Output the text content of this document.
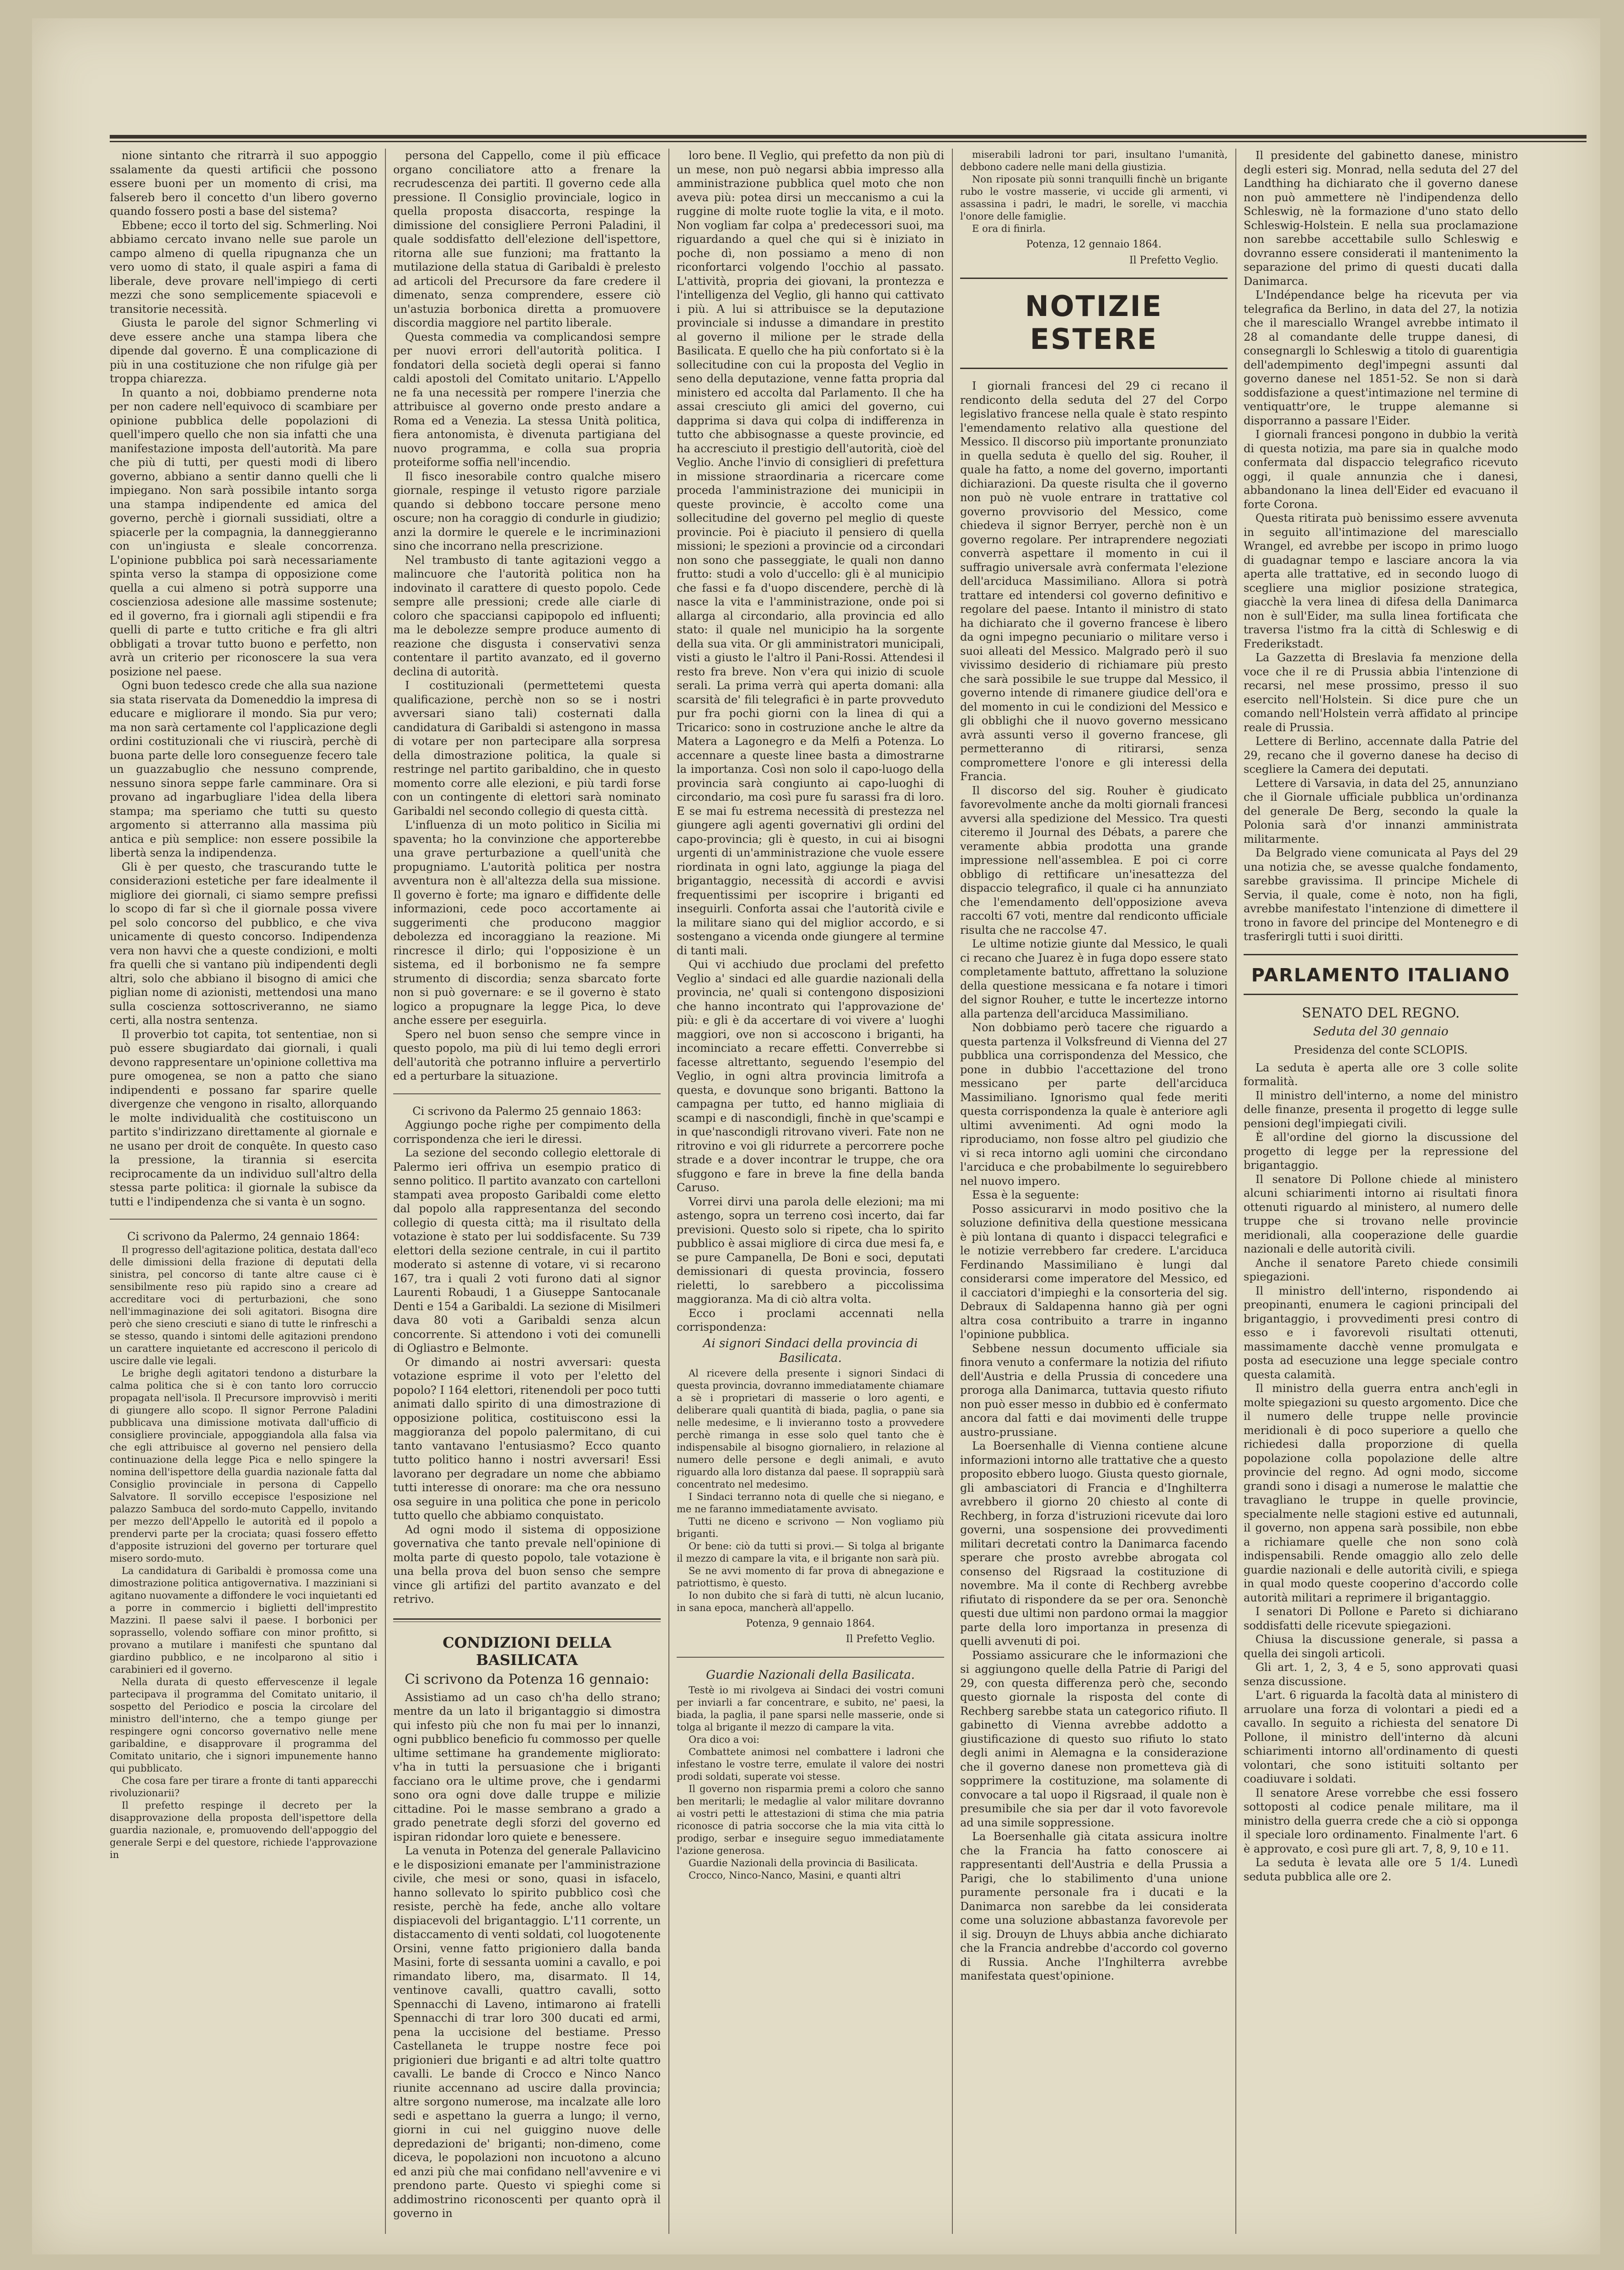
nione sintanto che ritrarrà il suo appoggio ssalamente da questi artificii che possono essere buoni per un momento di crisi, ma falsereb bero il concetto d'un libero governo quando fossero posti a base del sistema?

Ebbene; ecco il torto del sig. Schmerling. Noi abbiamo cercato invano nelle sue parole un campo almeno di quella ripugnanza che un vero uomo di stato, il quale aspiri a fama di liberale, deve provare nell'impiego di certi mezzi che sono semplicemente spiacevoli e transitorie necessità.

Giusta le parole del signor Schmerling vi deve essere anche una stampa libera che dipende dal governo. È una complicazione di più in una costituzione che non rifulge già per troppa chiarezza.

In quanto a noi, dobbiamo prenderne nota per non cadere nell'equivoco di scambiare per opinione pubblica delle popolazioni di quell'impero quello che non sia infatti che una manifestazione imposta dell'autorità. Ma pare che più di tutti, per questi modi di libero governo, abbiano a sentir danno quelli che li impiegano. Non sarà possibile intanto sorga una stampa indipendente ed amica del governo, perchè i giornali sussidiati, oltre a spiacerle per la compagnia, la danneggieranno con un'ingiusta e sleale concorrenza. L'opinione pubblica poi sarà necessariamente spinta verso la stampa di opposizione come quella a cui almeno si potrà supporre una coscienziosa adesione alle massime sostenute; ed il governo, fra i giornali agli stipendii e fra quelli di parte e tutto critiche e fra gli altri obbligati a trovar tutto buono e perfetto, non avrà un criterio per riconoscere la sua vera posizione nel paese.

Ogni buon tedesco crede che alla sua nazione sia stata riservata da Domeneddio la impresa di educare e migliorare il mondo. Sia pur vero; ma non sarà certamente col l'applicazione degli ordini costituzionali che vi riuscirà, perchè di buona parte delle loro conseguenze fecero tale un guazzabuglio che nessuno comprende, nessuno sinora seppe farle camminare. Ora si provano ad ingarbugliare l'idea della libera stampa; ma speriamo che tutti su questo argomento si atterranno alla massima più antica e più semplice: non essere possibile la libertà senza la indipendenza.

Gli è per questo, che trascurando tutte le considerazioni estetiche per fare idealmente il migliore dei giornali, ci siamo sempre prefissi lo scopo di far sì che il giornale possa vivere pel solo concorso del pubblico, e che viva unicamente di questo concorso. Indipendenza vera non havvi che a queste condizioni, e molti fra quelli che si vantano più indipendenti degli altri, solo che abbiano il bisogno di amici che piglian nome di azionisti, mettendosi una mano sulla coscienza sottoscriveranno, ne siamo certi, alla nostra sentenza.

Il proverbio tot capita, tot sententiae, non si può essere sbugiardato dai giornali, i quali devono rappresentare un'opinione collettiva ma pure omogenea, se non a patto che siano indipendenti e possano far sparire quelle divergenze che vengono in risalto, allorquando le molte individualità che costituiscono un partito s'indirizzano direttamente al giornale e ne usano per droit de conquête. In questo caso la pressione, la tirannia si esercita reciprocamente da un individuo sull'altro della stessa parte politica: il giornale la subisce da tutti e l'indipendenza che si vanta è un sogno.

Ci scrivono da Palermo, 24 gennaio 1864:

Il progresso dell'agitazione politica, destata dall'eco delle dimissioni della frazione di deputati della sinistra, pel concorso di tante altre cause ci è sensibilmente reso più rapido sino a creare ad accreditare voci di perturbazioni, che sono nell'immaginazione dei soli agitatori. Bisogna dire però che sieno cresciuti e siano di tutte le rinfreschi a se stesso, quando i sintomi delle agitazioni prendono un carattere inquietante ed accrescono il pericolo di uscire dalle vie legali.

Le brighe degli agitatori tendono a disturbare la calma politica che si è con tanto loro corruccio propagata nell'isola. Il Precursore improvvisò i meriti di giungere allo scopo. Il signor Perrone Paladini pubblicava una dimissione motivata dall'ufficio di consigliere provinciale, appoggiandola alla falsa via che egli attribuisce al governo nel pensiero della continuazione della legge Pica e nello spingere la nomina dell'ispettore della guardia nazionale fatta dal Consiglio provinciale in persona di Cappello Salvatore. Il sorvillo eccepisce l'esposizione nel palazzo Sambuca del sordo-muto Cappello, invitando per mezzo dell'Appello le autorità ed il popolo a prendervi parte per la crociata; quasi fossero effetto d'apposite istruzioni del governo per torturare quel misero sordo-muto.

La candidatura di Garibaldi è promossa come una dimostrazione politica antigovernativa. I mazziniani si agitano nuovamente a diffondere le voci inquietanti ed a porre in commercio i biglietti dell'imprestito Mazzini. Il paese salvi il paese. I borbonici per soprassello, volendo soffiare con minor profitto, si provano a mutilare i manifesti che spuntano dal giardino pubblico, e ne incolparono al sitio i carabinieri ed il governo.

Nella durata di questo effervescenze il legale partecipava il programma del Comitato unitario, il sospetto del Periodico e poscia la circolare del ministro dell'interno, che a tempo giunge per respingere ogni concorso governativo nelle mene garibaldine, e disapprovare il programma del Comitato unitario, che i signori impunemente hanno qui pubblicato.

Che cosa fare per tirare a fronte di tanti apparecchi rivoluzionarii?

Il prefetto respinge il decreto per la disapprovazione della proposta dell'ispettore della guardia nazionale, e, promuovendo dell'appoggio del generale Serpi e del questore, richiede l'approvazione in

persona del Cappello, come il più efficace organo conciliatore atto a frenare la recrudescenza dei partiti. Il governo cede alla pressione. Il Consiglio provinciale, logico in quella proposta disaccorta, respinge la dimissione del consigliere Perroni Paladini, il quale soddisfatto dell'elezione dell'ispettore, ritorna alle sue funzioni; ma frattanto la mutilazione della statua di Garibaldi è prelesto ad articoli del Precursore da fare credere il dimenato, senza comprendere, essere ciò un'astuzia borbonica diretta a promuovere discordia maggiore nel partito liberale.

Questa commedia va complicandosi sempre per nuovi errori dell'autorità politica. I fondatori della società degli operai si fanno caldi apostoli del Comitato unitario. L'Appello ne fa una necessità per rompere l'inerzia che attribuisce al governo onde presto andare a Roma ed a Venezia. La stessa Unità politica, fiera antonomista, è divenuta partigiana del nuovo programma, e colla sua propria proteiforme soffia nell'incendio.

Il fisco inesorabile contro qualche misero giornale, respinge il vetusto rigore parziale quando si debbono toccare persone meno oscure; non ha coraggio di condurle in giudizio; anzi la dormire le querele e le incriminazioni sino che incorrano nella prescrizione.

Nel trambusto di tante agitazioni veggo a malincuore che l'autorità politica non ha indovinato il carattere di questo popolo. Cede sempre alle pressioni; crede alle ciarle di coloro che spacciansi capipopolo ed influenti; ma le debolezze sempre produce aumento di reazione che disgusta i conservativi senza contentare il partito avanzato, ed il governo declina di autorità.

I costituzionali (permettetemi questa qualificazione, perchè non so se i nostri avversari siano tali) costernati dalla candidatura di Garibaldi si astengono in massa di votare per non partecipare alla sorpresa della dimostrazione politica, la quale si restringe nel partito garibaldino, che in questo momento corre alle elezioni, e più tardi forse con un contingente di elettori sarà nominato Garibaldi nel secondo collegio di questa città.

L'influenza di un moto politico in Sicilia mi spaventa; ho la convinzione che apporterebbe una grave perturbazione a quell'unità che propugniamo. L'autorità politica per nostra avventura non è all'altezza della sua missione. Il governo è forte; ma ignaro e diffidente delle informazioni, cede poco accortamente ai suggerimenti che producono maggior debolezza ed incoraggiano la reazione. Mi rincresce il dirlo; qui l'opposizione è un sistema, ed il borbonismo ne fa sempre strumento di discordia; senza sbarcato forte non si può governare: e se il governo è stato logico a propugnare la legge Pica, lo deve anche essere per eseguirla.

Spero nel buon senso che sempre vince in questo popolo, ma più di lui temo degli errori dell'autorità che potranno influire a pervertirlo ed a perturbare la situazione.

Ci scrivono da Palermo 25 gennaio 1863:

Aggiungo poche righe per compimento della corrispondenza che ieri le diressi.

La sezione del secondo collegio elettorale di Palermo ieri offriva un esempio pratico di senno politico. Il partito avanzato con cartelloni stampati avea proposto Garibaldi come eletto dal popolo alla rappresentanza del secondo collegio di questa città; ma il risultato della votazione è stato per lui soddisfacente. Su 739 elettori della sezione centrale, in cui il partito moderato si astenne di votare, vi si recarono 167, tra i quali 2 voti furono dati al signor Laurenti Robaudi, 1 a Giuseppe Santocanale Denti e 154 a Garibaldi. La sezione di Misilmeri dava 80 voti a Garibaldi senza alcun concorrente. Si attendono i voti dei comunelli di Ogliastro e Belmonte.

Or dimando ai nostri avversari: questa votazione esprime il voto per l'eletto del popolo? I 164 elettori, ritenendoli per poco tutti animati dallo spirito di una dimostrazione di opposizione politica, costituiscono essi la maggioranza del popolo palermitano, di cui tanto vantavano l'entusiasmo? Ecco quanto tutto politico hanno i nostri avversari! Essi lavorano per degradare un nome che abbiamo tutti interesse di onorare: ma che ora nessuno osa seguire in una politica che pone in pericolo tutto quello che abbiamo conquistato.

Ad ogni modo il sistema di opposizione governativa che tanto prevale nell'opinione di molta parte di questo popolo, tale votazione è una bella prova del buon senso che sempre vince gli artifizi del partito avanzato e del retrivo.

CONDIZIONI DELLA BASILICATA
Ci scrivono da Potenza 16 gennaio:

Assistiamo ad un caso ch'ha dello strano; mentre da un lato il brigantaggio si dimostra qui infesto più che non fu mai per lo innanzi, ogni pubblico beneficio fu commosso per quelle ultime settimane ha grandemente migliorato: v'ha in tutti la persuasione che i briganti facciano ora le ultime prove, che i gendarmi sono ora ogni dove dalle truppe e milizie cittadine. Poi le masse sembrano a grado a grado penetrate degli sforzi del governo ed ispiran ridondar loro quiete e benessere.

La venuta in Potenza del generale Pallavicino e le disposizioni emanate per l'amministrazione civile, che mesi or sono, quasi in isfacelo, hanno sollevato lo spirito pubblico così che resiste, perchè ha fede, anche allo voltare dispiacevoli del brigantaggio. L'11 corrente, un distaccamento di venti soldati, col luogotenente Orsini, venne fatto prigioniero dalla banda Masini, forte di sessanta uomini a cavallo, e poi rimandato libero, ma, disarmato. Il 14, ventinove cavalli, quattro cavalli, sotto Spennacchi di Laveno, intimarono ai fratelli Spennacchi di trar loro 300 ducati ed armi, pena la uccisione del bestiame. Presso Castellaneta le truppe nostre fece poi prigionieri due briganti e ad altri tolte quattro cavalli. Le bande di Crocco e Ninco Nanco riunite accennano ad uscire dalla provincia; altre sorgono numerose, ma incalzate alle loro sedi e aspettano la guerra a lungo; il verno, giorni in cui nel guiggino nuove delle depredazioni de' briganti; non-dimeno, come diceva, le popolazioni non incuotono a alcuno ed anzi più che mai confidano nell'avvenire e vi prendono parte. Questo vi spieghi come si addimostrino riconoscenti per quanto oprà il governo in

loro bene. Il Veglio, qui prefetto da non più di un mese, non può negarsi abbia impresso alla amministrazione pubblica quel moto che non aveva più: potea dirsi un meccanismo a cui la ruggine di molte ruote toglie la vita, e il moto. Non vogliam far colpa a' predecessori suoi, ma riguardando a quel che qui si è iniziato in poche dì, non possiamo a meno di non riconfortarci volgendo l'occhio al passato. L'attività, propria dei giovani, la prontezza e l'intelligenza del Veglio, gli hanno qui cattivato i più. A lui si attribuisce se la deputazione provinciale si indusse a dimandare in prestito al governo il milione per le strade della Basilicata. E quello che ha più confortato si è la sollecitudine con cui la proposta del Veglio in seno della deputazione, venne fatta propria dal ministero ed accolta dal Parlamento. Il che ha assai cresciuto gli amici del governo, cui dapprima si dava qui colpa di indifferenza in tutto che abbisognasse a queste provincie, ed ha accresciuto il prestigio dell'autorità, cioè del Veglio. Anche l'invio di consiglieri di prefettura in missione straordinaria a ricercare come proceda l'amministrazione dei municipii in queste provincie, è accolto come una sollecitudine del governo pel meglio di queste provincie. Poi è piaciuto il pensiero di quella missioni; le spezioni a provincie od a circondari non sono che passeggiate, le quali non danno frutto: studi a volo d'uccello: gli è al municipio che fassi e fa d'uopo discendere, perchè di là nasce la vita e l'amministrazione, onde poi si allarga al circondario, alla provincia ed allo stato: il quale nel municipio ha la sorgente della sua vita. Or gli amministratori municipali, visti a giusto le l'altro il Pani-Rossi. Attendesi il resto fra breve. Non v'era qui inizio di scuole serali. La prima verrà qui aperta domani: alla scarsità de' fili telegrafici è in parte provveduto pur fra pochi giorni con la linea di qui a Tricarico: sono in costruzione anche le altre da Matera a Lagonegro e da Melfi a Potenza. Lo accennare a queste linee basta a dimostrarne la importanza. Così non solo il capo-luogo della provincia sarà congiunto ai capo-luoghi di circondario, ma così pure fu sarassi fra di loro. E se mai fu estrema necessità di prestezza nel giungere agli agenti governativi gli ordini del capo-provincia; gli è questo, in cui ai bisogni urgenti di un'amministrazione che vuole essere riordinata in ogni lato, aggiunge la piaga del brigantaggio, necessità di accordi e avvisi frequentissimi per iscoprire i briganti ed inseguirli. Conforta assai che l'autorità civile e la militare siano qui del miglior accordo, e si sostengano a vicenda onde giungere al termine di tanti mali.

Qui vi acchiudo due proclami del prefetto Veglio a' sindaci ed alle guardie nazionali della provincia, ne' quali si contengono disposizioni che hanno incontrato qui l'approvazione de' più: e gli è da accertare di voi vivere a' luoghi maggiori, ove non si accoscono i briganti, ha incominciato a recare effetti. Converrebbe si facesse altrettanto, seguendo l'esempio del Veglio, in ogni altra provincia limitrofa a questa, e dovunque sono briganti. Battono la campagna per tutto, ed hanno migliaia di scampi e di nascondigli, finchè in que'scampi e in que'nascondigli ritrovano viveri. Fate non ne ritrovino e voi gli ridurrete a percorrere poche strade e a dover incontrar le truppe, che ora sfuggono e fare in breve la fine della banda Caruso.

Vorrei dirvi una parola delle elezioni; ma mi astengo, sopra un terreno così incerto, dai far previsioni. Questo solo si ripete, cha lo spirito pubblico è assai migliore di circa due mesi fa, e se pure Campanella, De Boni e soci, deputati demissionari di questa provincia, fossero rieletti, lo sarebbero a piccolissima maggioranza. Ma di ciò altra volta.

Ecco i proclami accennati nella corrispondenza:

Ai signori Sindaci della provincia di Basilicata.

Al ricevere della presente i signori Sindaci di questa provincia, dovranno immediatamente chiamare a sè i proprietari di masserie o loro agenti, e deliberare quali quantità di biada, paglia, o pane sia nelle medesime, e li invieranno tosto a provvedere perchè rimanga in esse solo quel tanto che è indispensabile al bisogno giornaliero, in relazione al numero delle persone e degli animali, e avuto riguardo alla loro distanza dal paese. Il soprappiù sarà concentrato nel medesimo.

I Sindaci terranno nota di quelle che si niegano, e me ne faranno immediatamente avvisato.

Tutti ne diceno e scrivono — Non vogliamo più briganti.

Or bene: ciò da tutti si provi.— Si tolga al brigante il mezzo di campare la vita, e il brigante non sarà più.

Se ne avvi momento di far prova di abnegazione e patriottismo, è questo.

Io non dubito che si farà di tutti, nè alcun lucanio, in sana epoca, mancherà all'appello.

Potenza, 9 gennaio 1864.
Il Prefetto Veglio.
Guardie Nazionali della Basilicata.

Testè io mi rivolgeva ai Sindaci dei vostri comuni per inviarli a far concentrare, e subito, ne' paesi, la biada, la paglia, il pane sparsi nelle masserie, onde si tolga al brigante il mezzo di campare la vita.

Ora dico a voi:

Combattete animosi nel combattere i ladroni che infestano le vostre terre, emulate il valore dei nostri prodi soldati, superate voi stesse.

Il governo non risparmia premi a coloro che sanno ben meritarli; le medaglie al valor militare dovranno ai vostri petti le attestazioni di stima che mia patria riconosce di patria soccorse che la mia vita città lo prodigo, serbar e inseguire seguo immediatamente l'azione generosa.

Guardie Nazionali della provincia di Basilicata.

Crocco, Ninco-Nanco, Masini, e quanti altri

miserabili ladroni tor pari, insultano l'umanità, debbono cadere nelle mani della giustizia.

Non riposate più sonni tranquilli finchè un brigante rubo le vostre masserie, vi uccide gli armenti, vi assassina i padri, le madri, le sorelle, vi macchia l'onore delle famiglie.

E ora di finirla.

Potenza, 12 gennaio 1864.
Il Prefetto Veglio.
NOTIZIE ESTERE

I giornali francesi del 29 ci recano il rendiconto della seduta del 27 del Corpo legislativo francese nella quale è stato respinto l'emendamento relativo alla questione del Messico. Il discorso più importante pronunziato in quella seduta è quello del sig. Rouher, il quale ha fatto, a nome del governo, importanti dichiarazioni. Da queste risulta che il governo non può nè vuole entrare in trattative col governo provvisorio del Messico, come chiedeva il signor Berryer, perchè non è un governo regolare. Per intraprendere negoziati converrà aspettare il momento in cui il suffragio universale avrà confermata l'elezione dell'arciduca Massimiliano. Allora si potrà trattare ed intendersi col governo definitivo e regolare del paese. Intanto il ministro di stato ha dichiarato che il governo francese è libero da ogni impegno pecuniario o militare verso i suoi alleati del Messico. Malgrado però il suo vivissimo desiderio di richiamare più presto che sarà possibile le sue truppe dal Messico, il governo intende di rimanere giudice dell'ora e del momento in cui le condizioni del Messico e gli obblighi che il nuovo governo messicano avrà assunti verso il governo francese, gli permetteranno di ritirarsi, senza compromettere l'onore e gli interessi della Francia.

Il discorso del sig. Rouher è giudicato favorevolmente anche da molti giornali francesi avversi alla spedizione del Messico. Tra questi citeremo il Journal des Débats, a parere che veramente abbia prodotta una grande impressione nell'assemblea. E poi ci corre obbligo di rettificare un'inesattezza del dispaccio telegrafico, il quale ci ha annunziato che l'emendamento dell'opposizione aveva raccolti 67 voti, mentre dal rendiconto ufficiale risulta che ne raccolse 47.

Le ultime notizie giunte dal Messico, le quali ci recano che Juarez è in fuga dopo essere stato completamente battuto, affrettano la soluzione della questione messicana e fa notare i timori del signor Rouher, e tutte le incertezze intorno alla partenza dell'arciduca Massimiliano.

Non dobbiamo però tacere che riguardo a questa partenza il Volksfreund di Vienna del 27 pubblica una corrispondenza del Messico, che pone in dubbio l'accettazione del trono messicano per parte dell'arciduca Massimiliano. Ignorismo qual fede meriti questa corrispondenza la quale è anteriore agli ultimi avvenimenti. Ad ogni modo la riproduciamo, non fosse altro pel giudizio che vi si reca intorno agli uomini che circondano l'arciduca e che probabilmente lo seguirebbero nel nuovo impero.

Essa è la seguente:

Posso assicurarvi in modo positivo che la soluzione definitiva della questione messicana è più lontana di quanto i dispacci telegrafici e le notizie verrebbero far credere. L'arciduca Ferdinando Massimiliano è lungi dal considerarsi come imperatore del Messico, ed il cacciatori d'impieghi e la consorteria del sig. Debraux di Saldapenna hanno già per ogni altra cosa contribuito a trarre in inganno l'opinione pubblica.

Sebbene nessun documento ufficiale sia finora venuto a confermare la notizia del rifiuto dell'Austria e della Prussia di concedere una proroga alla Danimarca, tuttavia questo rifiuto non può esser messo in dubbio ed è confermato ancora dal fatti e dai movimenti delle truppe austro-prussiane.

La Boersenhalle di Vienna contiene alcune informazioni intorno alle trattative che a questo proposito ebbero luogo. Giusta questo giornale, gli ambasciatori di Francia e d'Inghilterra avrebbero il giorno 20 chiesto al conte di Rechberg, in forza d'istruzioni ricevute dai loro governi, una sospensione dei provvedimenti militari decretati contro la Danimarca facendo sperare che prosto avrebbe abrogata col consenso del Rigsraad la costituzione di novembre. Ma il conte di Rechberg avrebbe rifiutato di rispondere da se per ora. Senonchè questi due ultimi non pardono ormai la maggior parte della loro importanza in presenza di quelli avvenuti di poi.

Possiamo assicurare che le informazioni che si aggiungono quelle della Patrie di Parigi del 29, con questa differenza però che, secondo questo giornale la risposta del conte di Rechberg sarebbe stata un categorico rifiuto. Il gabinetto di Vienna avrebbe addotto a giustificazione di questo suo rifiuto lo stato degli animi in Alemagna e la considerazione che il governo danese non prometteva già di sopprimere la costituzione, ma solamente di convocare a tal uopo il Rigsraad, il quale non è presumibile che sia per dar il voto favorevole ad una simile soppressione.

La Boersenhalle già citata assicura inoltre che la Francia ha fatto conoscere ai rappresentanti dell'Austria e della Prussia a Parigi, che lo stabilimento d'una unione puramente personale fra i ducati e la Danimarca non sarebbe da lei considerata come una soluzione abbastanza favorevole per il sig. Drouyn de Lhuys abbia anche dichiarato che la Francia andrebbe d'accordo col governo di Russia. Anche l'Inghilterra avrebbe manifestata quest'opinione.

Il presidente del gabinetto danese, ministro degli esteri sig. Monrad, nella seduta del 27 del Landthing ha dichiarato che il governo danese non può ammettere nè l'indipendenza dello Schleswig, nè la formazione d'uno stato dello Schleswig-Holstein. E nella sua proclamazione non sarebbe accettabile sullo Schleswig e dovranno essere considerati il mantenimento la separazione del primo di questi ducati dalla Danimarca.

L'Indépendance belge ha ricevuta per via telegrafica da Berlino, in data del 27, la notizia che il maresciallo Wrangel avrebbe intimato il 28 al comandante delle truppe danesi, di consegnargli lo Schleswig a titolo di guarentigia dell'adempimento degl'impegni assunti dal governo danese nel 1851-52. Se non si darà soddisfazione a quest'intimazione nel termine di ventiquattr'ore, le truppe alemanne si disporranno a passare l'Eider.

I giornali francesi pongono in dubbio la verità di questa notizia, ma pare sia in qualche modo confermata dal dispaccio telegrafico ricevuto oggi, il quale annunzia che i danesi, abbandonano la linea dell'Eider ed evacuano il forte Corona.

Questa ritirata può benissimo essere avvenuta in seguito all'intimazione del maresciallo Wrangel, ed avrebbe per iscopo in primo luogo di guadagnar tempo e lasciare ancora la via aperta alle trattative, ed in secondo luogo di scegliere una miglior posizione strategica, giacchè la vera linea di difesa della Danimarca non è sull'Eider, ma sulla linea fortificata che traversa l'istmo fra la città di Schleswig e di Frederikstadt.

La Gazzetta di Breslavia fa menzione della voce che il re di Prussia abbia l'intenzione di recarsi, nel mese prossimo, presso il suo esercito nell'Holstein. Si dice pure che un comando nell'Holstein verrà affidato al principe reale di Prussia.

Lettere di Berlino, accennate dalla Patrie del 29, recano che il governo danese ha deciso di scegliere la Camera dei deputati.

Lettere di Varsavia, in data del 25, annunziano che il Giornale ufficiale pubblica un'ordinanza del generale De Berg, secondo la quale la Polonia sarà d'or innanzi amministrata militarmente.

Da Belgrado viene comunicata al Pays del 29 una notizia che, se avesse qualche fondamento, sarebbe gravissima. Il principe Michele di Servia, il quale, come è noto, non ha figli, avrebbe manifestato l'intenzione di dimettere il trono in favore del principe del Montenegro e di trasferirgli tutti i suoi diritti.

PARLAMENTO ITALIANO
SENATO DEL REGNO.
Seduta del 30 gennaio
Presidenza del conte SCLOPIS.

La seduta è aperta alle ore 3 colle solite formalità.

Il ministro dell'interno, a nome del ministro delle finanze, presenta il progetto di legge sulle pensioni degl'impiegati civili.

È all'ordine del giorno la discussione del progetto di legge per la repressione del brigantaggio.

Il senatore Di Pollone chiede al ministero alcuni schiarimenti intorno ai risultati finora ottenuti riguardo al ministero, al numero delle truppe che si trovano nelle provincie meridionali, alla cooperazione delle guardie nazionali e delle autorità civili.

Anche il senatore Pareto chiede consimili spiegazioni.

Il ministro dell'interno, rispondendo ai preopinanti, enumera le cagioni principali del brigantaggio, i provvedimenti presi contro di esso e i favorevoli risultati ottenuti, massimamente dacchè venne promulgata e posta ad esecuzione una legge speciale contro questa calamità.

Il ministro della guerra entra anch'egli in molte spiegazioni su questo argomento. Dice che il numero delle truppe nelle provincie meridionali è di poco superiore a quello che richiedesi dalla proporzione di quella popolazione colla popolazione delle altre provincie del regno. Ad ogni modo, siccome grandi sono i disagi a numerose le malattie che travagliano le truppe in quelle provincie, specialmente nelle stagioni estive ed autunnali, il governo, non appena sarà possibile, non ebbe a richiamare quelle che non sono colà indispensabili. Rende omaggio allo zelo delle guardie nazionali e delle autorità civili, e spiega in qual modo queste cooperino d'accordo colle autorità militari a reprimere il brigantaggio.

I senatori Di Pollone e Pareto si dichiarano soddisfatti delle ricevute spiegazioni.

Chiusa la discussione generale, si passa a quella dei singoli articoli.

Gli art. 1, 2, 3, 4 e 5, sono approvati quasi senza discussione.

L'art. 6 riguarda la facoltà data al ministero di arruolare una forza di volontari a piedi ed a cavallo. In seguito a richiesta del senatore Di Pollone, il ministro dell'interno dà alcuni schiarimenti intorno all'ordinamento di questi volontari, che sono istituiti soltanto per coadiuvare i soldati.

Il senatore Arese vorrebbe che essi fossero sottoposti al codice penale militare, ma il ministro della guerra crede che a ciò si opponga il speciale loro ordinamento. Finalmente l'art. 6 è approvato, e così pure gli art. 7, 8, 9, 10 e 11.

La seduta è levata alle ore 5 1/4. Lunedì seduta pubblica alle ore 2.
